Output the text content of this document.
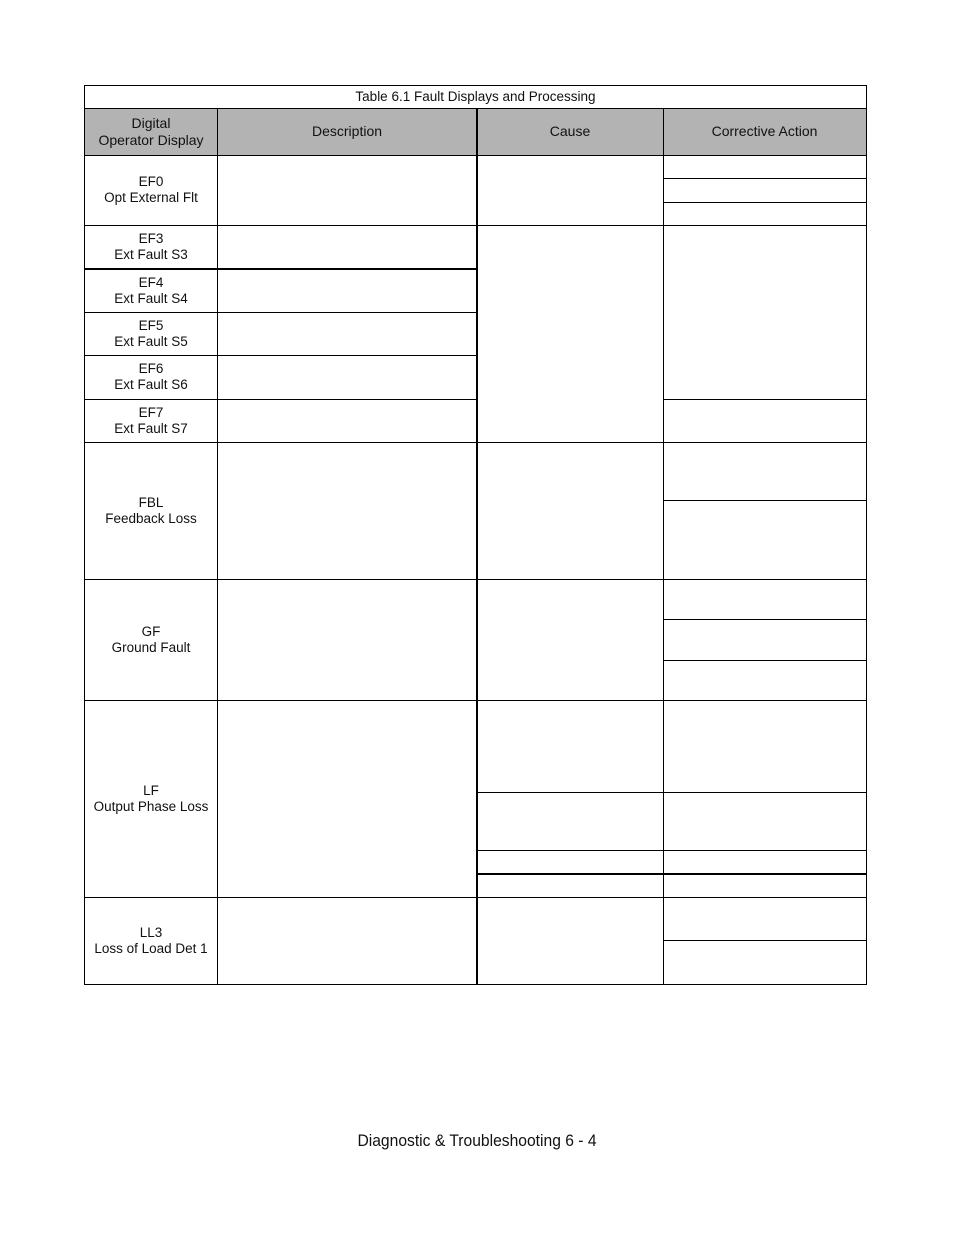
Table 6.1 Fault Displays and Processing
Digital
Operator Display
Description	Cause	Corrective Action
EF0
Opt External Flt
EF3
Ext Fault S3
EF4
Ext Fault S4
EF5
Ext Fault S5
EF6
Ext Fault S6
EF7
Ext Fault S7
FBL
Feedback Loss
GF
Ground Fault
LF
Output Phase Loss
LL3
Loss of Load Det 1
Diagnostic & Troubleshooting 6 - 4
